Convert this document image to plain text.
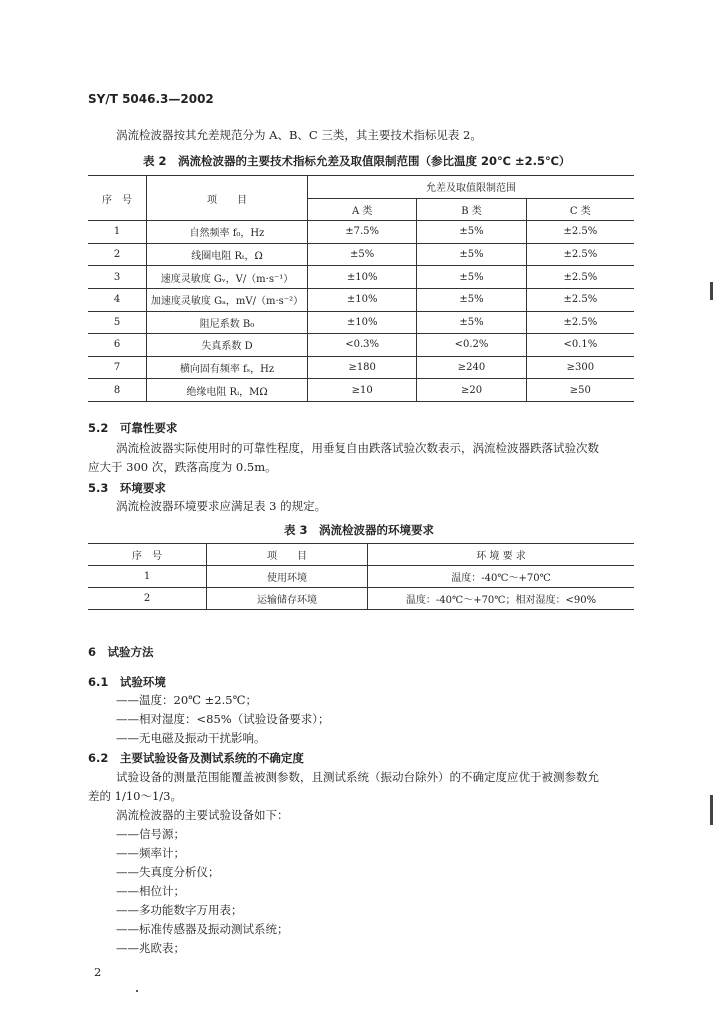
SY/T 5046.3—2002
涡流检波器按其允差规范分为 A、B、C 三类，其主要技术指标见表 2。
表 2　涡流检波器的主要技术指标允差及取值限制范围（参比温度 20℃ ±2.5℃）
序　号	项　　目	允差及取值限制范围		
		A 类	B 类	C 类
1	自然频率 f₀，Hz	±7.5%	±5%	±2.5%
2	线圈电阻 Rₜ，Ω	±5%	±5%	±2.5%
3	速度灵敏度 Gᵥ，V/（m·s⁻¹）	±10%	±5%	±2.5%
4	加速度灵敏度 Gₐ，mV/（m·s⁻²）	±10%	±5%	±2.5%
5	阻尼系数 B₀	±10%	±5%	±2.5%
6	失真系数 D	<0.3%	<0.2%	<0.1%
7	横向固有频率 fₛ，Hz	≥180	≥240	≥300
8	绝缘电阻 Rᵢ，MΩ	≥10	≥20	≥50
5.2　可靠性要求
涡流检波器实际使用时的可靠性程度，用垂复自由跌落试验次数表示，涡流检波器跌落试验次数
应大于 300 次，跌落高度为 0.5m。
5.3　环境要求
涡流检波器环境要求应满足表 3 的规定。
表 3　涡流检波器的环境要求
序　号	项　　目	环 境 要 求
1	使用环境	温度：-40℃～+70℃
2	运输储存环境	温度：-40℃～+70℃；相对湿度：<90%
6　试验方法
6.1　试验环境
——温度：20℃ ±2.5℃；
——相对湿度：<85%（试验设备要求）；
——无电磁及振动干扰影响。
6.2　主要试验设备及测试系统的不确定度
试验设备的测量范围能覆盖被测参数，且测试系统（振动台除外）的不确定度应优于被测参数允
差的 1/10～1/3。
涡流检波器的主要试验设备如下：
——信号源；
——频率计；
——失真度分析仪；
——相位计；
——多功能数字万用表；
——标准传感器及振动测试系统；
——兆欧表；
2
